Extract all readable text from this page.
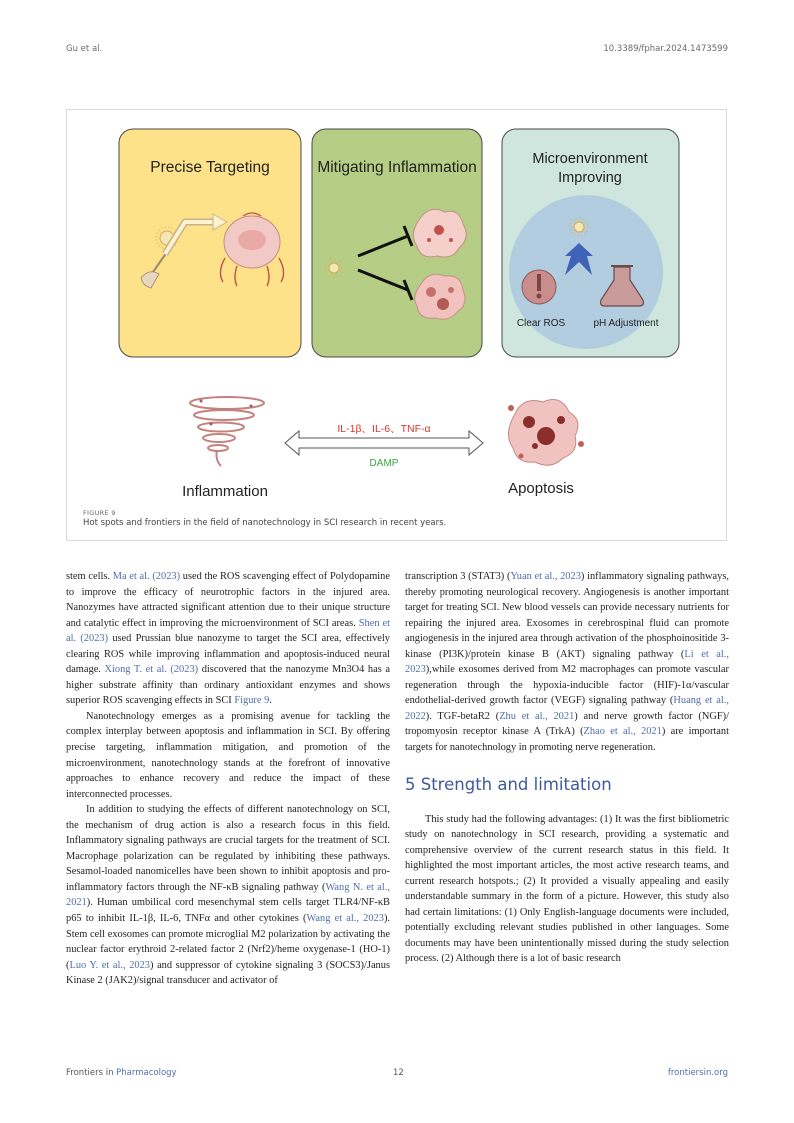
Gu et al.	10.3389/fphar.2024.1473599
Precise Targeting	Mitigating Inflammation	Microenvironment
Improving
Clear ROS	pH Adjustment
Inflammation
IL-1β、IL-6、TNF-α
DAMP
Apoptosis
FIGURE 9
Hot spots and frontiers in the field of nanotechnology in SCI research in recent years.

stem cells. Ma et al. (2023) used the ROS scavenging effect of Polydopamine to improve the efficacy of neurotrophic factors in the injured area. Nanozymes have attracted significant attention due to their unique structure and catalytic effect in improving the microenvironment of SCI areas. Shen et al. (2023) used Prussian blue nanozyme to target the SCI area, effectively clearing ROS while improving inflammation and apoptosis-induced neural damage. Xiong T. et al. (2023) discovered that the nanozyme Mn3O4 has a higher substrate affinity than ordinary antioxidant enzymes and shows superior ROS scavenging effects in SCI Figure 9.

Nanotechnology emerges as a promising avenue for tackling the complex interplay between apoptosis and inflammation in SCI. By offering precise targeting, inflammation mitigation, and promotion of the microenvironment, nanotechnology stands at the forefront of innovative approaches to enhance recovery and reduce the impact of these interconnected processes.

In addition to studying the effects of different nanotechnology on SCI, the mechanism of drug action is also a research focus in this field. Inflammatory signaling pathways are crucial targets for the treatment of SCI. Macrophage polarization can be regulated by inhibiting these pathways. Sesamol-loaded nanomicelles have been shown to inhibit apoptosis and pro-inflammatory factors through the NF-κB signaling pathway (Wang N. et al., 2021). Human umbilical cord mesenchymal stem cells target TLR4/NF-κB p65 to inhibit IL-1β, IL-6, TNFα and other cytokines (Wang et al., 2023). Stem cell exosomes can promote microglial M2 polarization by activating the nuclear factor erythroid 2-related factor 2 (Nrf2)/heme oxygenase-1 (HO-1) (Luo Y. et al., 2023) and suppressor of cytokine signaling 3 (SOCS3)/Janus Kinase 2 (JAK2)/signal transducer and activator of

transcription 3 (STAT3) (Yuan et al., 2023) inflammatory signaling pathways, thereby promoting neurological recovery. Angiogenesis is another important target for treating SCI. New blood vessels can provide necessary nutrients for repairing the injured area. Exosomes in cerebrospinal fluid can promote angiogenesis in the injured area through activation of the phosphoinositide 3-kinase (PI3K)/protein kinase B (AKT) signaling pathway (Li et al., 2023),while exosomes derived from M2 macrophages can promote vascular regeneration through the hypoxia-inducible factor (HIF)-1α/vascular endothelial-derived growth factor (VEGF) signaling pathway (Huang et al., 2022). TGF-betaR2 (Zhu et al., 2021) and nerve growth factor (NGF)/ tropomyosin receptor kinase A (TrkA) (Zhao et al., 2021) are important targets for nanotechnology in promoting nerve regeneration.

5 Strength and limitation

This study had the following advantages: (1) It was the first bibliometric study on nanotechnology in SCI research, providing a systematic and comprehensive overview of the current research status in this field. It highlighted the most important articles, the most active research teams, and current research hotspots.; (2) It provided a visually appealing and easily understandable summary in the form of a picture. However, this study also had certain limitations: (1) Only English-language documents were included, potentially excluding relevant studies published in other languages. Some documents may have been unintentionally missed during the study selection process. (2) Although there is a lot of basic research

Frontiers in Pharmacology	12	frontiersin.org
